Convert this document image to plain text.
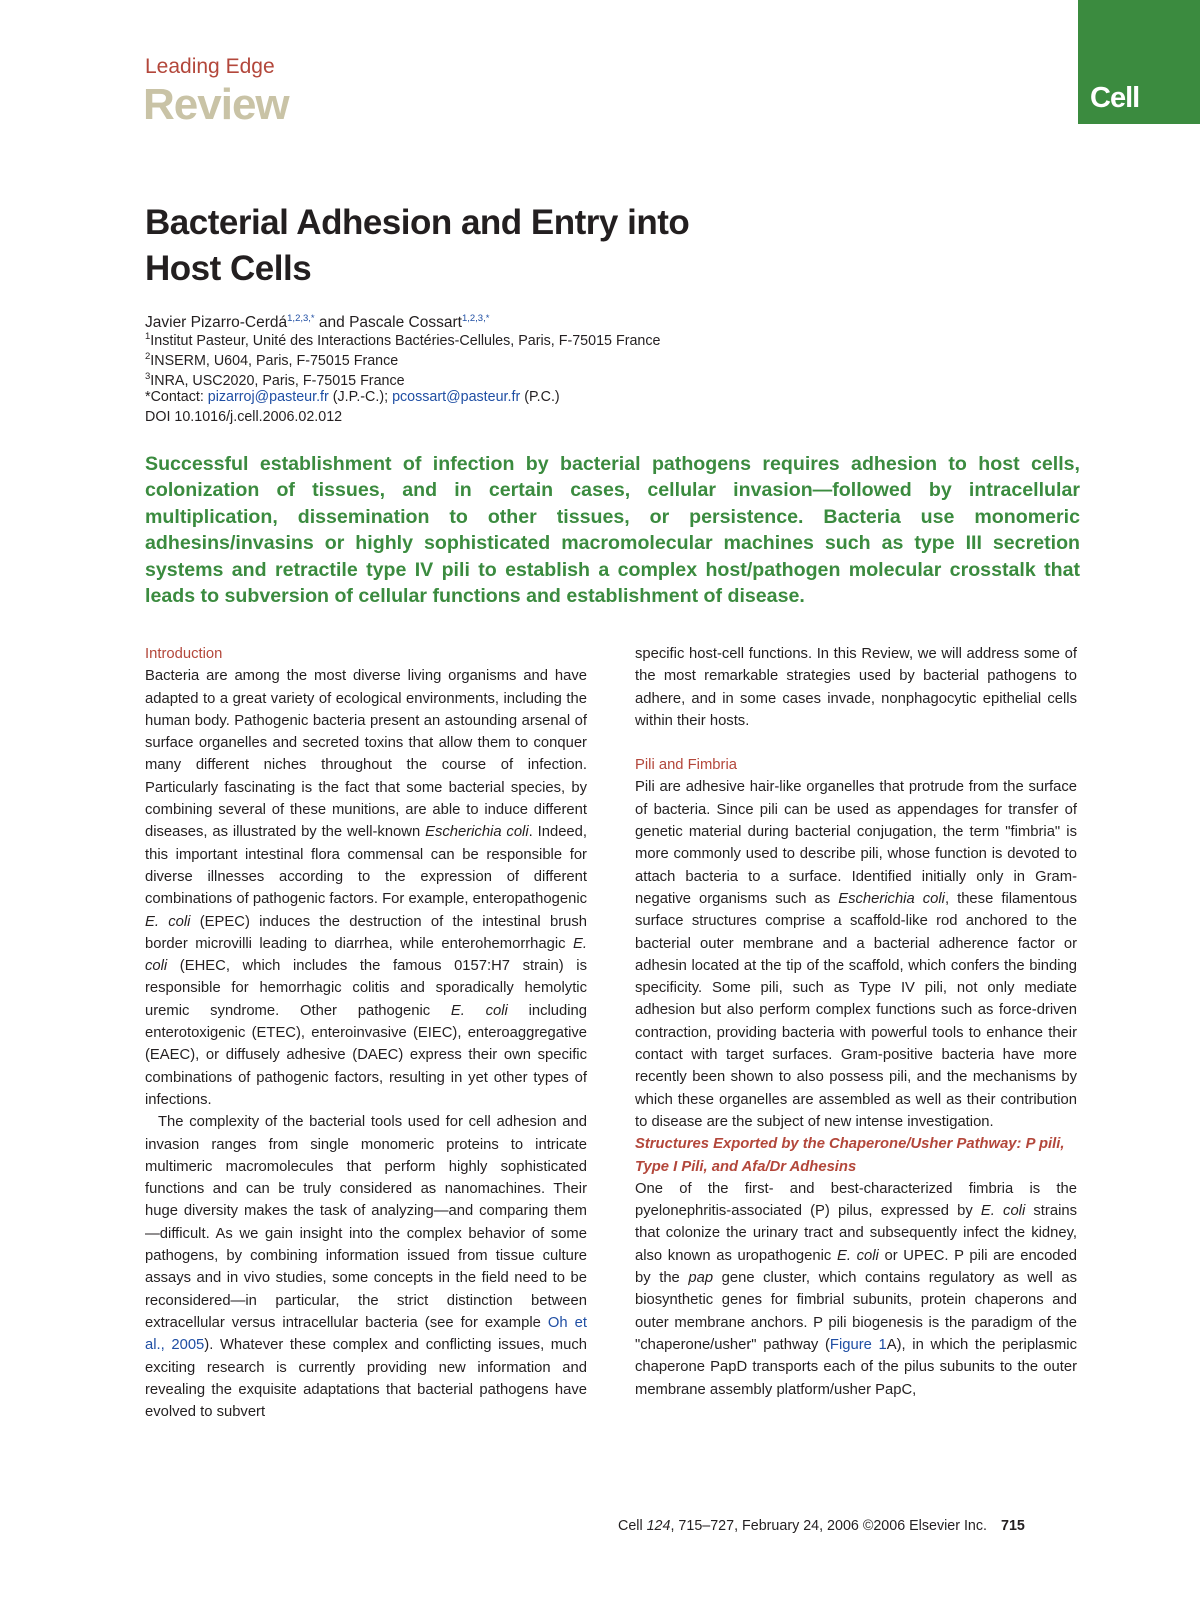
Leading Edge
Review	Cell
Bacterial Adhesion and Entry into Host Cells
Javier Pizarro-Cerdá$^{1,2,3,*}$ and Pascale Cossart$^{1,2,3,*}$
$^1$Institut Pasteur, Unité des Interactions Bactéries-Cellules, Paris, F-75015 France
$^2$INSERM, U604, Paris, F-75015 France
$^3$INRA, USC2020, Paris, F-75015 France
*Contact: pizarroj@pasteur.fr (J.P.-C.); pcossart@pasteur.fr (P.C.)
DOI 10.1016/j.cell.2006.02.012
Successful establishment of infection by bacterial pathogens requires adhesion to host cells, colonization of tissues, and in certain cases, cellular invasion—followed by intracellular multiplication, dissemination to other tissues, or persistence. Bacteria use monomeric adhesins/invasins or highly sophisticated macromolecular machines such as type III secretion systems and retractile type IV pili to establish a complex host/pathogen molecular crosstalk that leads to subversion of cellular functions and establishment of disease.
Introduction

Bacteria are among the most diverse living organisms and have adapted to a great variety of ecological environments, including the human body. Pathogenic bacteria present an astounding arsenal of surface organelles and secreted toxins that allow them to conquer many different niches throughout the course of infection. Particularly fascinating is the fact that some bacterial species, by combining several of these munitions, are able to induce different diseases, as illustrated by the well-known Escherichia coli. Indeed, this important intestinal flora commensal can be responsible for diverse illnesses according to the expression of different combinations of pathogenic factors. For example, enteropathogenic E. coli (EPEC) induces the destruction of the intestinal brush border microvilli leading to diarrhea, while enterohemorrhagic E. coli (EHEC, which includes the famous 0157:H7 strain) is responsible for hemorrhagic colitis and sporadically hemolytic uremic syndrome. Other pathogenic E. coli including enterotoxigenic (ETEC), enteroinvasive (EIEC), enteroaggregative (EAEC), or diffusely adhesive (DAEC) express their own specific combinations of pathogenic factors, resulting in yet other types of infections.

The complexity of the bacterial tools used for cell adhesion and invasion ranges from single monomeric proteins to intricate multimeric macromolecules that perform highly sophisticated functions and can be truly considered as nanomachines. Their huge diversity makes the task of analyzing—and comparing them—difficult. As we gain insight into the complex behavior of some pathogens, by combining information issued from tissue culture assays and in vivo studies, some concepts in the field need to be reconsidered—in particular, the strict distinction between extracellular versus intracellular bacteria (see for example Oh et al., 2005). Whatever these complex and conflicting issues, much exciting research is currently providing new information and revealing the exquisite adaptations that bacterial pathogens have evolved to subvert

specific host-cell functions. In this Review, we will address some of the most remarkable strategies used by bacterial pathogens to adhere, and in some cases invade, nonphagocytic epithelial cells within their hosts.

Pili and Fimbria

Pili are adhesive hair-like organelles that protrude from the surface of bacteria. Since pili can be used as appendages for transfer of genetic material during bacterial conjugation, the term "fimbria" is more commonly used to describe pili, whose function is devoted to attach bacteria to a surface. Identified initially only in Gram-negative organisms such as Escherichia coli, these filamentous surface structures comprise a scaffold-like rod anchored to the bacterial outer membrane and a bacterial adherence factor or adhesin located at the tip of the scaffold, which confers the binding specificity. Some pili, such as Type IV pili, not only mediate adhesion but also perform complex functions such as force-driven contraction, providing bacteria with powerful tools to enhance their contact with target surfaces. Gram-positive bacteria have more recently been shown to also possess pili, and the mechanisms by which these organelles are assembled as well as their contribution to disease are the subject of new intense investigation.

Structures Exported by the Chaperone/Usher Pathway: P pili, Type I Pili, and Afa/Dr Adhesins

One of the first- and best-characterized fimbria is the pyelonephritis-associated (P) pilus, expressed by E. coli strains that colonize the urinary tract and subsequently infect the kidney, also known as uropathogenic E. coli or UPEC. P pili are encoded by the pap gene cluster, which contains regulatory as well as biosynthetic genes for fimbrial subunits, protein chaperons and outer membrane anchors. P pili biogenesis is the paradigm of the "chaperone/usher" pathway (Figure 1A), in which the periplasmic chaperone PapD transports each of the pilus subunits to the outer membrane assembly platform/usher PapC,

Cell 124, 715–727, February 24, 2006 ©2006 Elsevier Inc. 715
